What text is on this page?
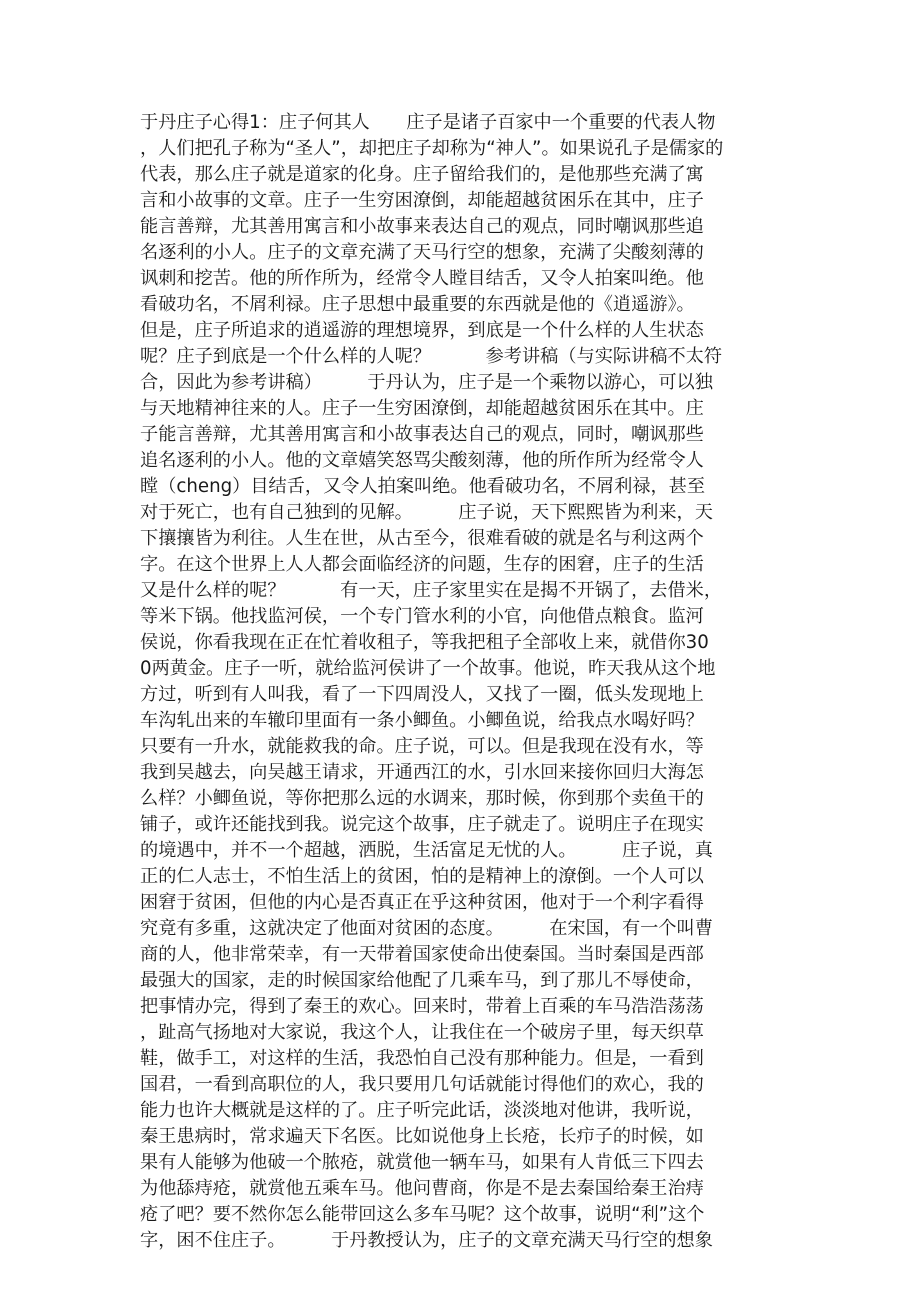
于丹庄子心得1：庄子何其人　　庄子是诸子百家中一个重要的代表人物
，人们把孔子称为“圣人”，却把庄子却称为“神人”。如果说孔子是儒家的
代表，那么庄子就是道家的化身。庄子留给我们的，是他那些充满了寓
言和小故事的文章。庄子一生穷困潦倒，却能超越贫困乐在其中，庄子
能言善辩，尤其善用寓言和小故事来表达自己的观点，同时嘲讽那些追
名逐利的小人。庄子的文章充满了天马行空的想象，充满了尖酸刻薄的
讽刺和挖苦。他的所作所为，经常令人瞠目结舌，又令人拍案叫绝。他
看破功名，不屑利禄。庄子思想中最重要的东西就是他的《逍遥游》。
但是，庄子所追求的逍遥游的理想境界，到底是一个什么样的人生状态
呢？庄子到底是一个什么样的人呢？　　　参考讲稿（与实际讲稿不太符
合，因此为参考讲稿）　　　于丹认为，庄子是一个乘物以游心，可以独
与天地精神往来的人。庄子一生穷困潦倒，却能超越贫困乐在其中。庄
子能言善辩，尤其善用寓言和小故事表达自己的观点，同时，嘲讽那些
追名逐利的小人。他的文章嬉笑怒骂尖酸刻薄，他的所作所为经常令人
瞠（cheng）目结舌，又令人拍案叫绝。他看破功名，不屑利禄，甚至
对于死亡，也有自己独到的见解。　　　庄子说，天下熙熙皆为利来，天
下攘攘皆为利往。人生在世，从古至今，很难看破的就是名与利这两个
字。在这个世界上人人都会面临经济的问题，生存的困窘，庄子的生活
又是什么样的呢？　　　有一天，庄子家里实在是揭不开锅了，去借米，
等米下锅。他找监河侯，一个专门管水利的小官，向他借点粮食。监河
侯说，你看我现在正在忙着收租子，等我把租子全部收上来，就借你30
0两黄金。庄子一听，就给监河侯讲了一个故事。他说，昨天我从这个地
方过，听到有人叫我，看了一下四周没人，又找了一圈，低头发现地上
车沟轧出来的车辙印里面有一条小鲫鱼。小鲫鱼说，给我点水喝好吗？
只要有一升水，就能救我的命。庄子说，可以。但是我现在没有水，等
我到吴越去，向吴越王请求，开通西江的水，引水回来接你回归大海怎
么样？小鲫鱼说，等你把那么远的水调来，那时候，你到那个卖鱼干的
铺子，或许还能找到我。说完这个故事，庄子就走了。说明庄子在现实
的境遇中，并不一个超越，洒脱，生活富足无忧的人。　　　庄子说，真
正的仁人志士，不怕生活上的贫困，怕的是精神上的潦倒。一个人可以
困窘于贫困，但他的内心是否真正在乎这种贫困，他对于一个利字看得
究竟有多重，这就决定了他面对贫困的态度。　　　在宋国，有一个叫曹
商的人，他非常荣幸，有一天带着国家使命出使秦国。当时秦国是西部
最强大的国家，走的时候国家给他配了几乘车马，到了那儿不辱使命，
把事情办完，得到了秦王的欢心。回来时，带着上百乘的车马浩浩荡荡
，趾高气扬地对大家说，我这个人，让我住在一个破房子里，每天织草
鞋，做手工，对这样的生活，我恐怕自己没有那种能力。但是，一看到
国君，一看到高职位的人，我只要用几句话就能讨得他们的欢心，我的
能力也许大概就是这样的了。庄子听完此话，淡淡地对他讲，我听说，
秦王患病时，常求遍天下名医。比如说他身上长疮，长疖子的时候，如
果有人能够为他破一个脓疮，就赏他一辆车马，如果有人肯低三下四去
为他舔痔疮，就赏他五乘车马。他问曹商，你是不是去秦国给秦王治痔
疮了吧？要不然你怎么能带回这么多车马呢？这个故事，说明“利”这个
字，困不住庄子。　　　于丹教授认为，庄子的文章充满天马行空的想象
